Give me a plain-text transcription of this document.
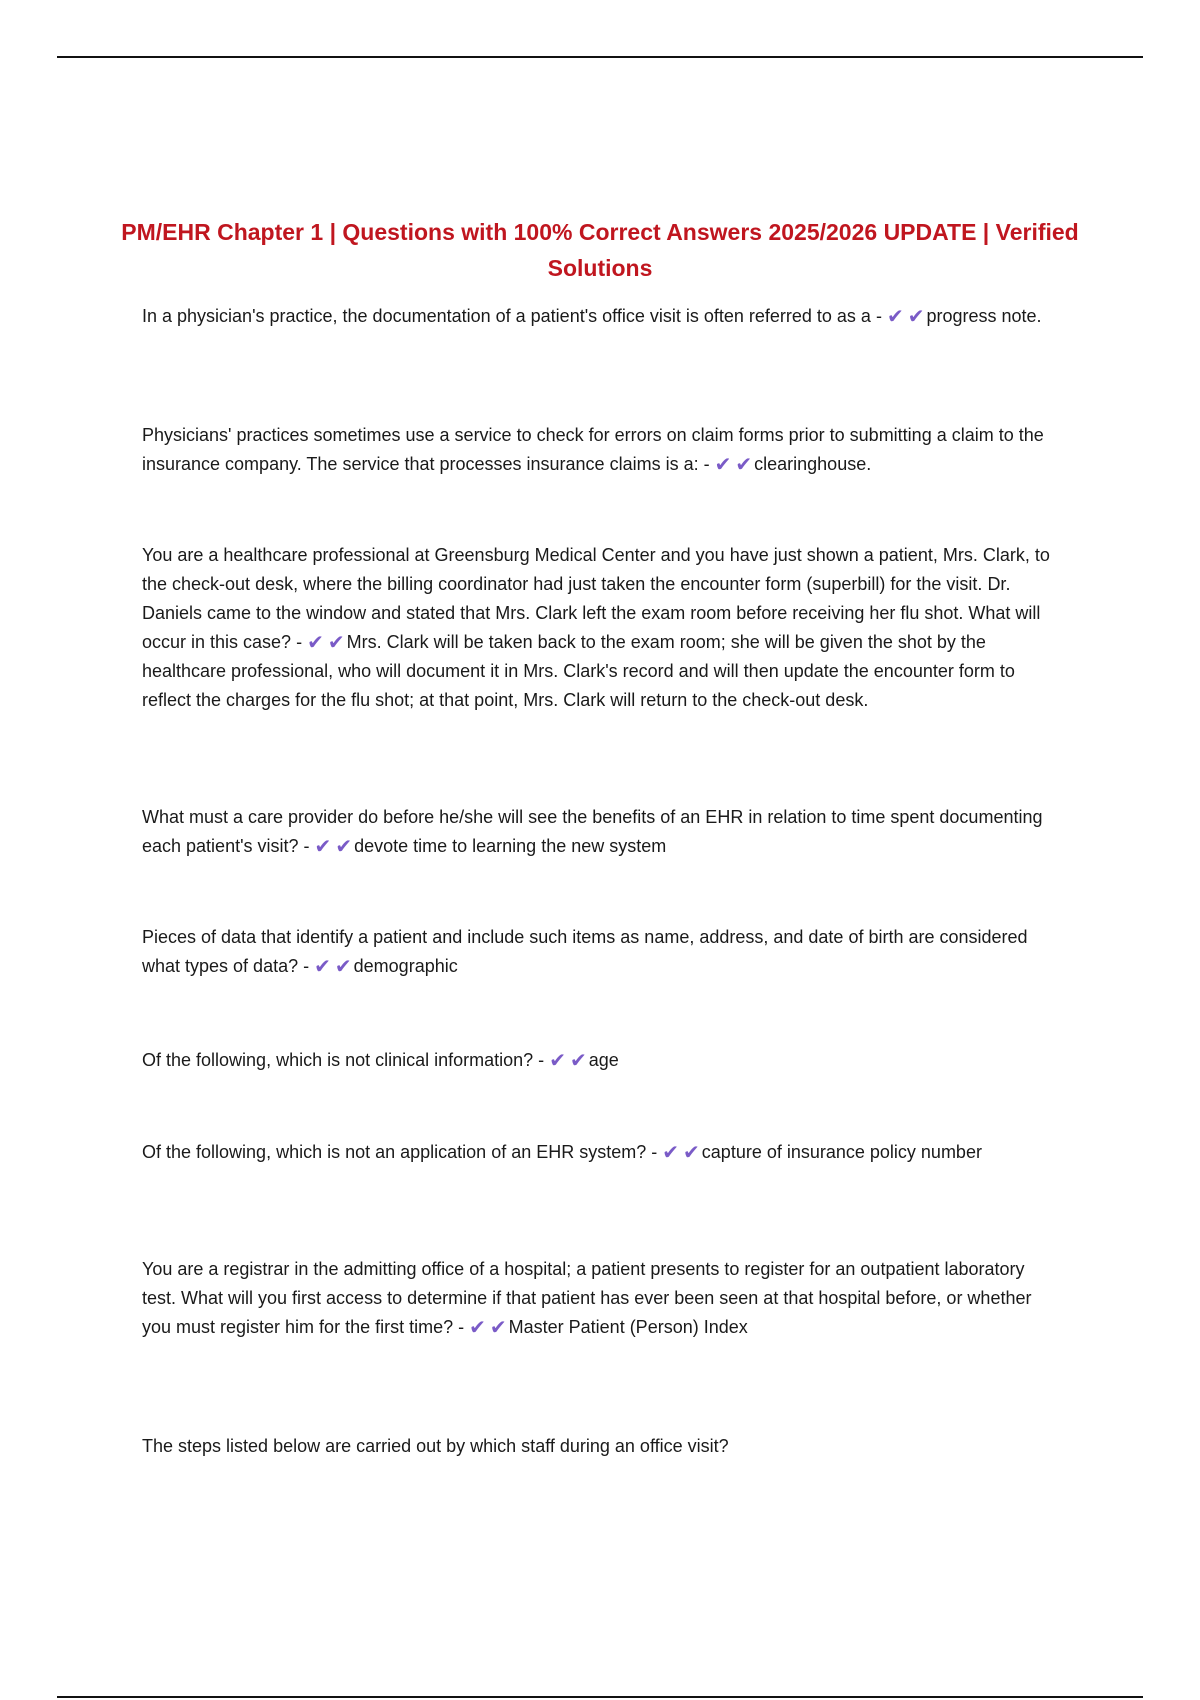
PM/EHR Chapter 1 | Questions with 100% Correct Answers 2025/2026 UPDATE | Verified Solutions

In a physician's practice, the documentation of a patient's office visit is often referred to as a - ✔ ✔ progress note.

Physicians' practices sometimes use a service to check for errors on claim forms prior to submitting a claim to the insurance company. The service that processes insurance claims is a: - ✔ ✔ clearinghouse.

You are a healthcare professional at Greensburg Medical Center and you have just shown a patient, Mrs. Clark, to the check-out desk, where the billing coordinator had just taken the encounter form (superbill) for the visit. Dr. Daniels came to the window and stated that Mrs. Clark left the exam room before receiving her flu shot. What will occur in this case? - ✔ ✔ Mrs. Clark will be taken back to the exam room; she will be given the shot by the healthcare professional, who will document it in Mrs. Clark's record and will then update the encounter form to reflect the charges for the flu shot; at that point, Mrs. Clark will return to the check-out desk.

What must a care provider do before he/she will see the benefits of an EHR in relation to time spent documenting each patient's visit? - ✔ ✔ devote time to learning the new system

Pieces of data that identify a patient and include such items as name, address, and date of birth are considered what types of data? - ✔ ✔ demographic

Of the following, which is not clinical information? - ✔ ✔ age

Of the following, which is not an application of an EHR system? - ✔ ✔ capture of insurance policy number

You are a registrar in the admitting office of a hospital; a patient presents to register for an outpatient laboratory test. What will you first access to determine if that patient has ever been seen at that hospital before, or whether you must register him for the first time? - ✔ ✔ Master Patient (Person) Index

The steps listed below are carried out by which staff during an office visit?
